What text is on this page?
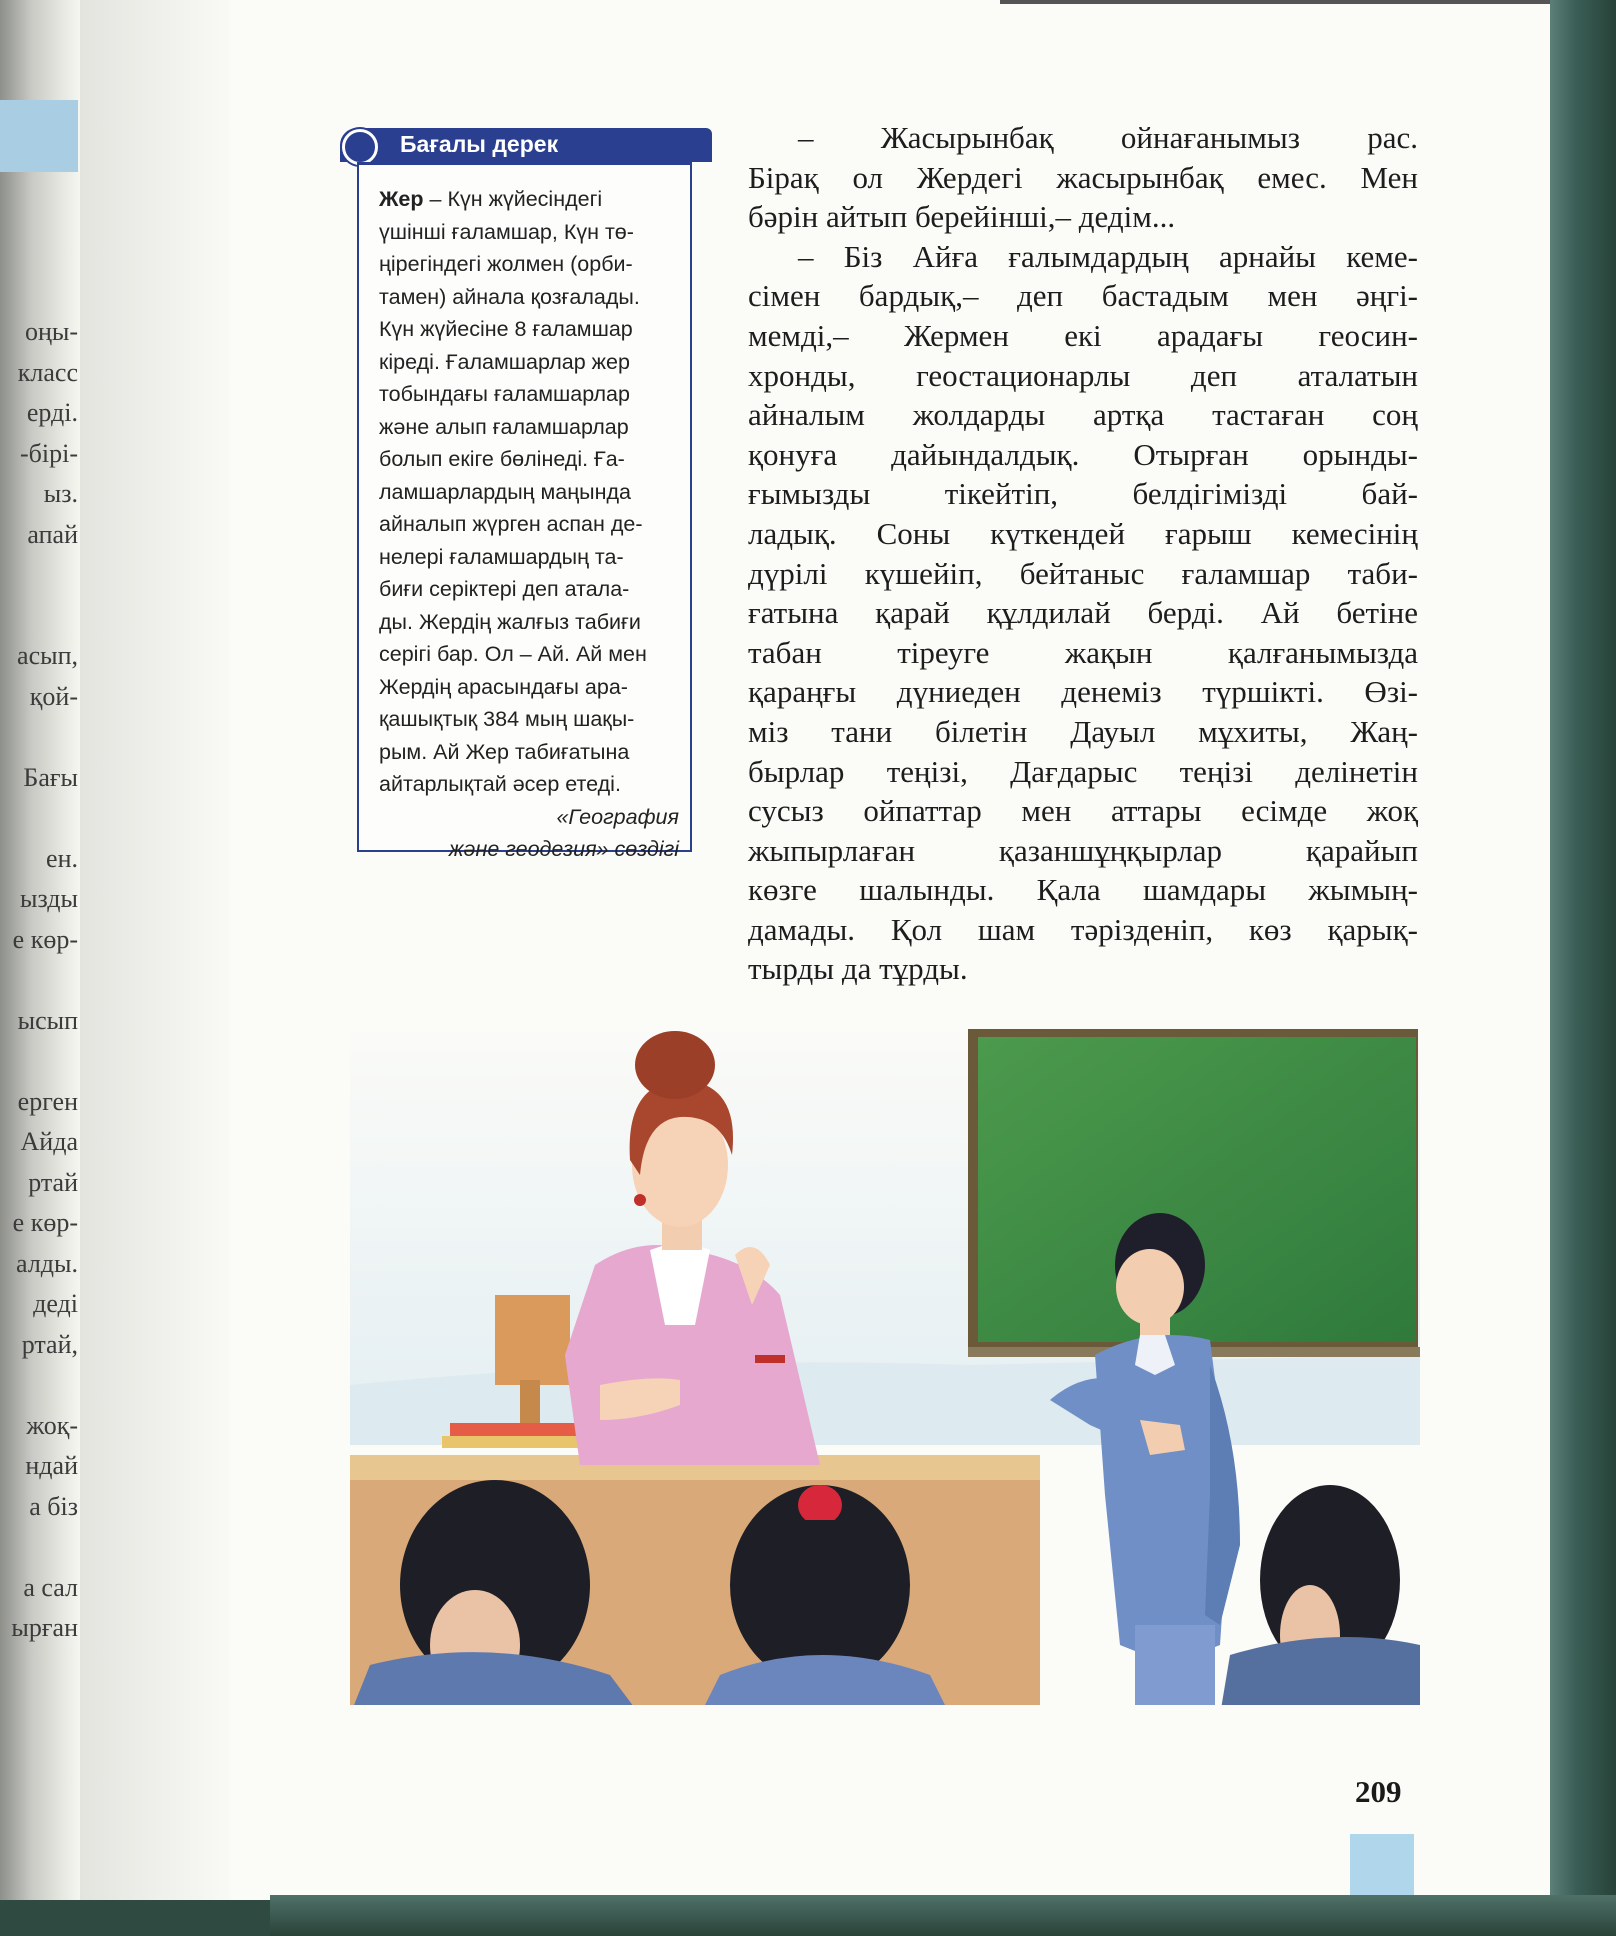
оңы-
класс
ерді.
-бірі-
ыз.
апай
асып,
қой-
Бағы
ен.
ызды
е көр-
ысып
ерген
Айда
ртай
е көр-
алды.
деді
ртай,
жоқ-
ндай
а біз
а сал
ырған
Бағалы дерек
Жер – Күн жүйесіндегі
үшінші ғаламшар, Күн тө-
ңірегіндегі жолмен (орби-
тамен) айнала қозғалады.
Күн жүйесіне 8 ғаламшар
кіреді. Ғаламшарлар жер
тобындағы ғаламшарлар
және алып ғаламшарлар
болып екіге бөлінеді. Ға-
ламшарлардың маңында
айналып жүрген аспан де-
нелері ғаламшардың та-
биғи серіктері деп атала-
ды. Жердің жалғыз табиғи
серігі бар. Ол – Ай. Ай мен
Жердің арасындағы ара-
қашықтық 384 мың шақы-
рым. Ай Жер табиғатына
айтарлықтай әсер етеді.
«География
және геодезия» сөздігі
– Жасырынбақ ойнағанымыз рас.
Бірақ ол Жердегі жасырынбақ емес. Мен
бәрін айтып берейінші,– дедім...
– Біз Айға ғалымдардың арнайы кеме-
сімен бардық,– деп бастадым мен әңгі-
мемді,– Жермен екі арадағы геосин-
хронды, геостационарлы деп аталатын
айналым жолдарды артқа тастаған соң
қонуға дайындалдық. Отырған орынды-
ғымызды тікейтіп, белдігімізді бай-
ладық. Соны күткендей ғарыш кемесінің
дүрілі күшейіп, бейтаныс ғаламшар таби-
ғатына қарай құлдилай берді. Ай бетіне
табан тіреуге жақын қалғанымызда
қараңғы дүниеден денеміз түршікті. Өзі-
міз тани білетін Дауыл мұхиты, Жаң-
бырлар теңізі, Дағдарыс теңізі делінетін
сусыз ойпаттар мен аттары есімде жоқ
жыпырлаған қазаншұңқырлар қарайып
көзге шалынды. Қала шамдары жымың-
дамады. Қол шам тәрізденіп, көз қарық-
тырды да тұрды.
209
